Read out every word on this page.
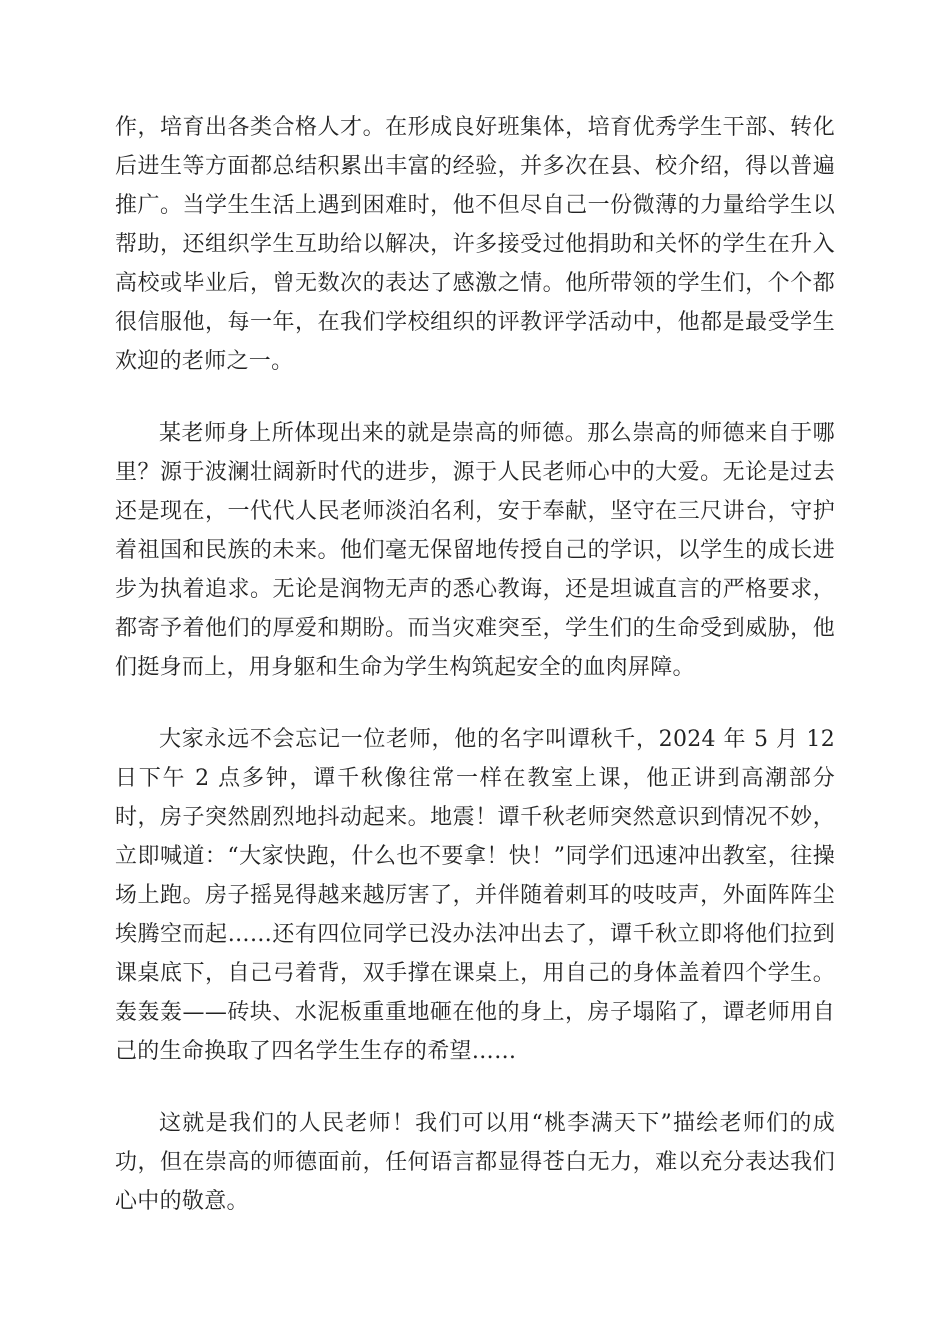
作，培育出各类合格人才。在形成良好班集体，培育优秀学生干部、转化后进生等方面都总结积累出丰富的经验，并多次在县、校介绍，得以普遍推广。当学生生活上遇到困难时，他不但尽自己一份微薄的力量给学生以帮助，还组织学生互助给以解决，许多接受过他捐助和关怀的学生在升入高校或毕业后，曾无数次的表达了感激之情。他所带领的学生们，个个都很信服他，每一年，在我们学校组织的评教评学活动中，他都是最受学生欢迎的老师之一。

某老师身上所体现出来的就是崇高的师德。那么崇高的师德来自于哪里？源于波澜壮阔新时代的进步，源于人民老师心中的大爱。无论是过去还是现在，一代代人民老师淡泊名利，安于奉献，坚守在三尺讲台，守护着祖国和民族的未来。他们毫无保留地传授自己的学识，以学生的成长进步为执着追求。无论是润物无声的悉心教诲，还是坦诚直言的严格要求，都寄予着他们的厚爱和期盼。而当灾难突至，学生们的生命受到威胁，他们挺身而上，用身躯和生命为学生构筑起安全的血肉屏障。

大家永远不会忘记一位老师，他的名字叫谭秋千，2024 年 5 月 12 日下午 2 点多钟，谭千秋像往常一样在教室上课，他正讲到高潮部分时，房子突然剧烈地抖动起来。地震！谭千秋老师突然意识到情况不妙，立即喊道：“大家快跑，什么也不要拿！快！”同学们迅速冲出教室，往操场上跑。房子摇晃得越来越厉害了，并伴随着刺耳的吱吱声，外面阵阵尘埃腾空而起……还有四位同学已没办法冲出去了，谭千秋立即将他们拉到课桌底下，自己弓着背，双手撑在课桌上，用自己的身体盖着四个学生。轰轰轰——砖块、水泥板重重地砸在他的身上，房子塌陷了，谭老师用自己的生命换取了四名学生生存的希望……

这就是我们的人民老师！我们可以用“桃李满天下”描绘老师们的成功，但在崇高的师德面前，任何语言都显得苍白无力，难以充分表达我们心中的敬意。
